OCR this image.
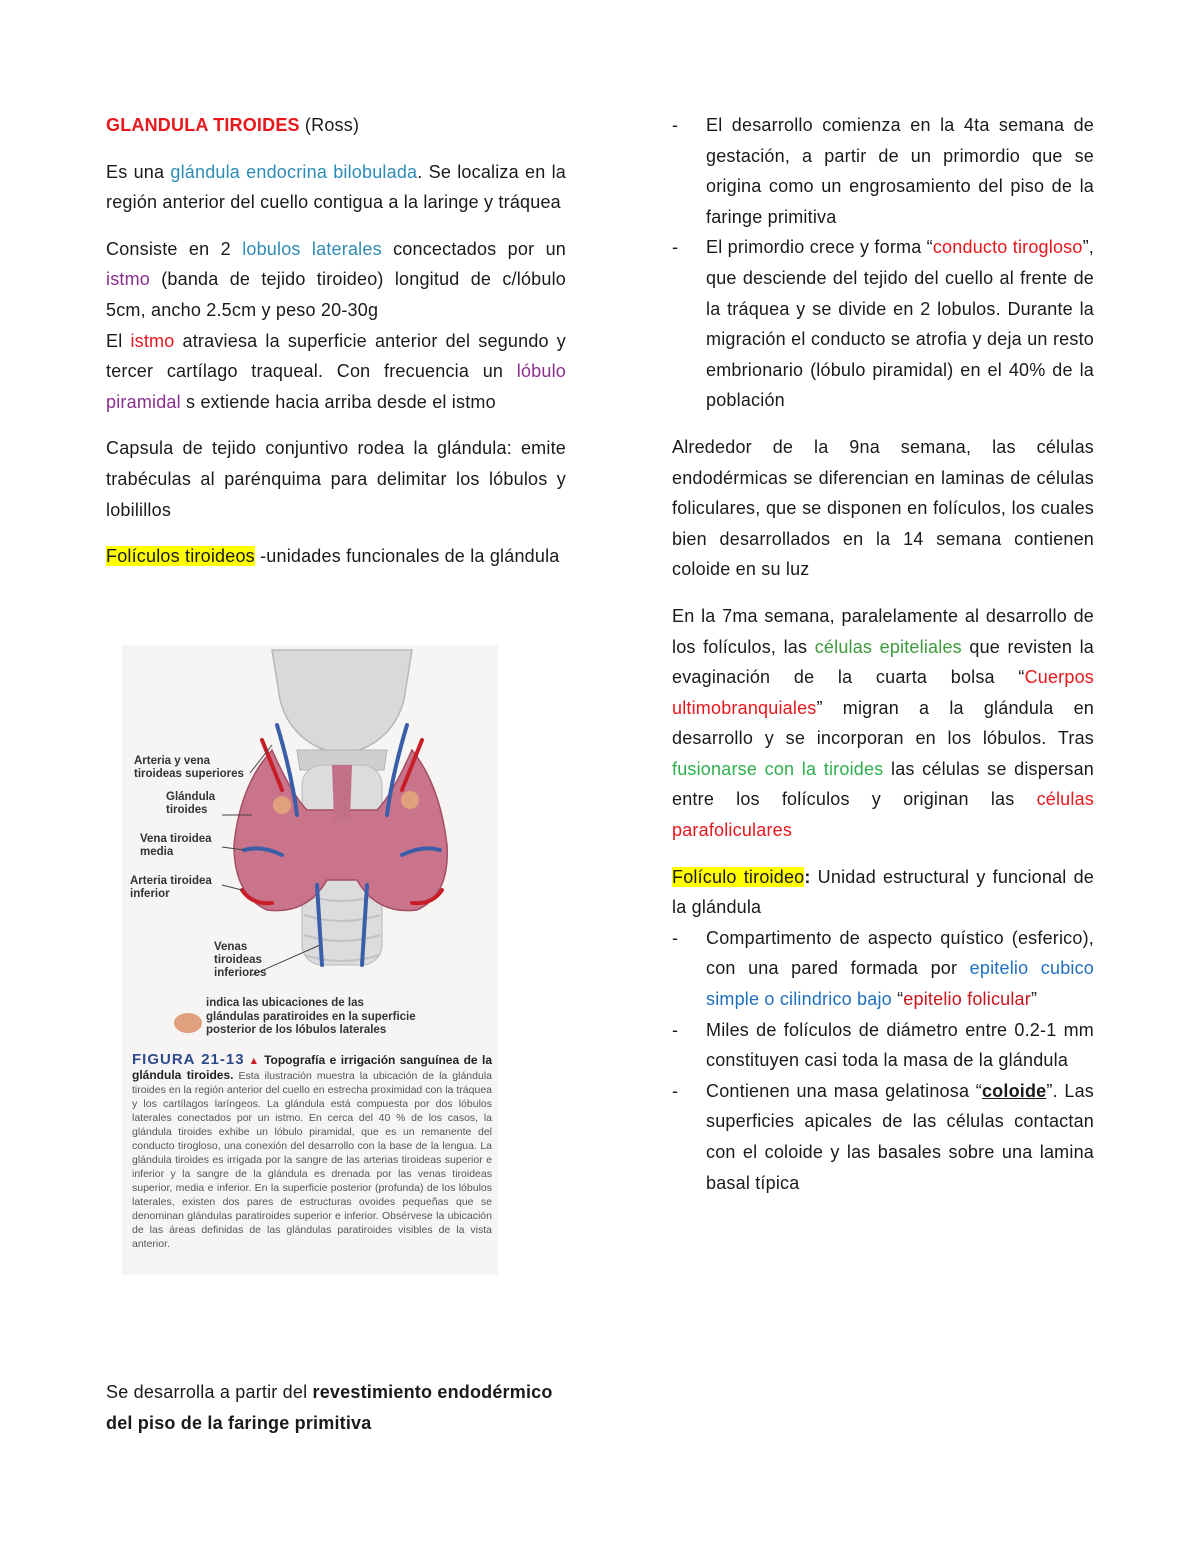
GLANDULA TIROIDES (Ross)

Es una glándula endocrina bilobulada. Se localiza en la región anterior del cuello contigua a la laringe y tráquea

Consiste en 2 lobulos laterales concectados por un istmo (banda de tejido tiroideo) longitud de c/lóbulo 5cm, ancho 2.5cm y peso 20-30g

El istmo atraviesa la superficie anterior del segundo y tercer cartílago traqueal. Con frecuencia un lóbulo piramidal s extiende hacia arriba desde el istmo

Capsula de tejido conjuntivo rodea la glándula: emite trabéculas al parénquima para delimitar los lóbulos y lobilillos

Folículos tiroideos -unidades funcionales de la glándula

Arteria y vena
tiroideas superiores
Glándula
tiroides
Vena tiroidea
media
Arteria tiroidea
inferior
Venas
tiroideas
inferiores
indica las ubicaciones de las glándulas paratiroides en la superficie posterior de los lóbulos laterales
FIGURA 21-13 ▲ Topografía e irrigación sanguínea de la glándula tiroides. Esta ilustración muestra la ubicación de la glándula tiroides en la región anterior del cuello en estrecha proximidad con la tráquea y los cartílagos laríngeos. La glándula está compuesta por dos lóbulos laterales conectados por un istmo. En cerca del 40 % de los casos, la glándula tiroides exhibe un lóbulo piramidal, que es un remanente del conducto tirogloso, una conexión del desarrollo con la base de la lengua. La glándula tiroides es irrigada por la sangre de las arterias tiroideas superior e inferior y la sangre de la glándula es drenada por las venas tiroideas superior, media e inferior. En la superficie posterior (profunda) de los lóbulos laterales, existen dos pares de estructuras ovoides pequeñas que se denominan glándulas paratiroides superior e inferior. Obsérvese la ubicación de las áreas definidas de las glándulas paratiroides visibles de la vista anterior.

Se desarrolla a partir del revestimiento endodérmico del piso de la faringe primitiva

- El desarrollo comienza en la 4ta semana de gestación, a partir de un primordio que se origina como un engrosamiento del piso de la faringe primitiva
- El primordio crece y forma “conducto tirogloso”, que desciende del tejido del cuello al frente de la tráquea y se divide en 2 lobulos. Durante la migración el conducto se atrofia y deja un resto embrionario (lóbulo piramidal) en el 40% de la población

Alrededor de la 9na semana, las células endodérmicas se diferencian en laminas de células foliculares, que se disponen en folículos, los cuales bien desarrollados en la 14 semana contienen coloide en su luz

En la 7ma semana, paralelamente al desarrollo de los folículos, las células epiteliales que revisten la evaginación de la cuarta bolsa “Cuerpos ultimobranquiales” migran a la glándula en desarrollo y se incorporan en los lóbulos. Tras fusionarse con la tiroides las células se dispersan entre los folículos y originan las células parafoliculares

Folículo tiroideo: Unidad estructural y funcional de la glándula

- Compartimento de aspecto quístico (esferico), con una pared formada por epitelio cubico simple o cilindrico bajo “epitelio folicular”
- Miles de folículos de diámetro entre 0.2-1 mm constituyen casi toda la masa de la glándula
- Contienen una masa gelatinosa “coloide”. Las superficies apicales de las células contactan con el coloide y las basales sobre una lamina basal típica
